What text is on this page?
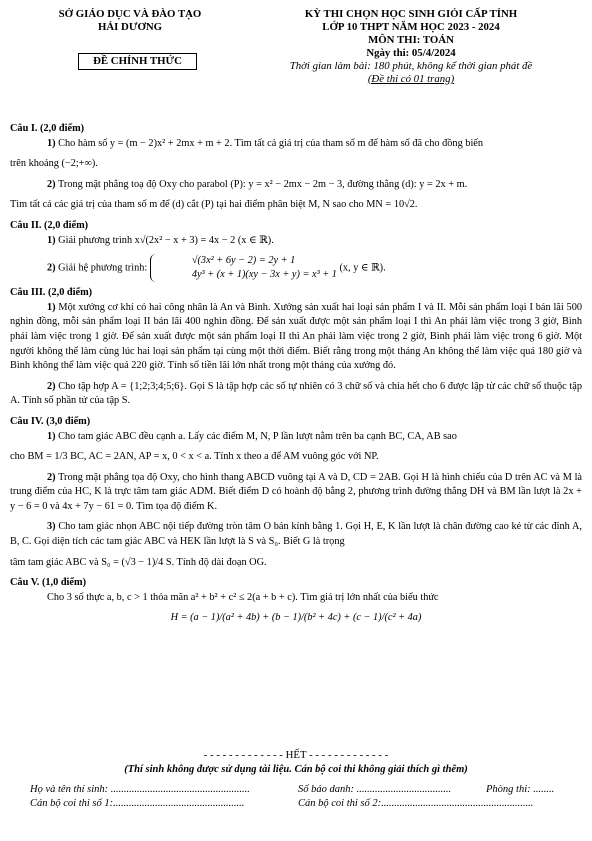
SỞ GIÁO DỤC VÀ ĐÀO TẠO
HẢI DƯƠNG
ĐỀ CHÍNH THỨC
KỲ THI CHỌN HỌC SINH GIỎI CẤP TỈNH
LỚP 10 THPT NĂM HỌC 2023 - 2024
MÔN THI: TOÁN
Ngày thi: 05/4/2024
Thời gian làm bài: 180 phút, không kể thời gian phát đề
(Đề thi có 01 trang)
Câu I. (2,0 điểm)
1) Cho hàm số y = (m − 2)x² + 2mx + m + 2. Tìm tất cả giá trị của tham số m để hàm số đã cho đồng biến
trên khoảng (−2;+∞).
2) Trong mặt phẳng toạ độ Oxy cho parabol (P): y = x² − 2mx − 2m − 3, đường thẳng (d): y = 2x + m.
Tìm tất cả các giá trị của tham số m để (d) cắt (P) tại hai điểm phân biệt M, N sao cho MN = 10√2.
Câu II. (2,0 điểm)
1) Giải phương trình x√(2x² − x + 3) = 4x − 2 (x ∈ ℝ).
2) Giải hệ phương trình:
√(3x² + 6y − 2) = 2y + 1
4y³ + (x + 1)(xy − 3x + y) = x³ + 1
(x, y ∈ ℝ).
Câu III. (2,0 điểm)
1) Một xưởng cơ khí có hai công nhân là An và Bình. Xưởng sản xuất hai loại sản phẩm I và II. Mỗi sản phẩm loại I bán lãi 500 nghìn đồng, mỗi sản phẩm loại II bán lãi 400 nghìn đồng. Để sản xuất được một sản phẩm loại I thì An phải làm việc trong 3 giờ, Bình phải làm việc trong 1 giờ. Để sản xuất được một sản phẩm loại II thì An phải làm việc trong 2 giờ, Bình phải làm việc trong 6 giờ. Một người không thể làm cùng lúc hai loại sản phẩm tại cùng một thời điểm. Biết rằng trong một tháng An không thể làm việc quá 180 giờ và Bình không thể làm việc quá 220 giờ. Tính số tiền lãi lớn nhất trong một tháng của xưởng đó.
2) Cho tập hợp A = {1;2;3;4;5;6}. Gọi S là tập hợp các số tự nhiên có 3 chữ số và chia hết cho 6 được lập từ các chữ số thuộc tập A. Tính số phần tử của tập S.
Câu IV. (3,0 điểm)
1) Cho tam giác ABC đều cạnh a. Lấy các điểm M, N, P lần lượt nằm trên ba cạnh BC, CA, AB sao
cho BM = 1/3 BC, AC = 2AN, AP = x, 0 < x < a. Tính x theo a để AM vuông góc với NP.
2) Trong mặt phẳng tọa độ Oxy, cho hình thang ABCD vuông tại A và D, CD = 2AB. Gọi H là hình chiếu của D trên AC và M là trung điểm của HC, K là trực tâm tam giác ADM. Biết điểm D có hoành độ bằng 2, phương trình đường thẳng DH và BM lần lượt là 2x + y − 6 = 0 và 4x + 7y − 61 = 0. Tìm tọa độ điểm K.
3) Cho tam giác nhọn ABC nội tiếp đường tròn tâm O bán kính bằng 1. Gọi H, E, K lần lượt là chân đường cao kẻ từ các đỉnh A, B, C. Gọi diện tích các tam giác ABC và HEK lần lượt là S và S₀. Biết G là trọng
tâm tam giác ABC và S₀ = (√3 − 1)/4 S. Tính độ dài đoạn OG.
Câu V. (1,0 điểm)
Cho 3 số thực a, b, c > 1 thỏa mãn a² + b² + c² ≤ 2(a + b + c). Tìm giá trị lớn nhất của biểu thức
H = (a − 1)/(a² + 4b) + (b − 1)/(b² + 4c) + (c − 1)/(c² + 4a)
- - - - - - - - - - - - - HẾT - - - - - - - - - - - - -
(Thí sinh không được sử dụng tài liệu. Cán bộ coi thi không giải thích gì thêm)
Họ và tên thí sinh: .....................................................	Số báo danh: ....................................	Phòng thi: ........
Cán bộ coi thi số 1:..................................................	Cán bộ coi thi số 2:..........................................................
